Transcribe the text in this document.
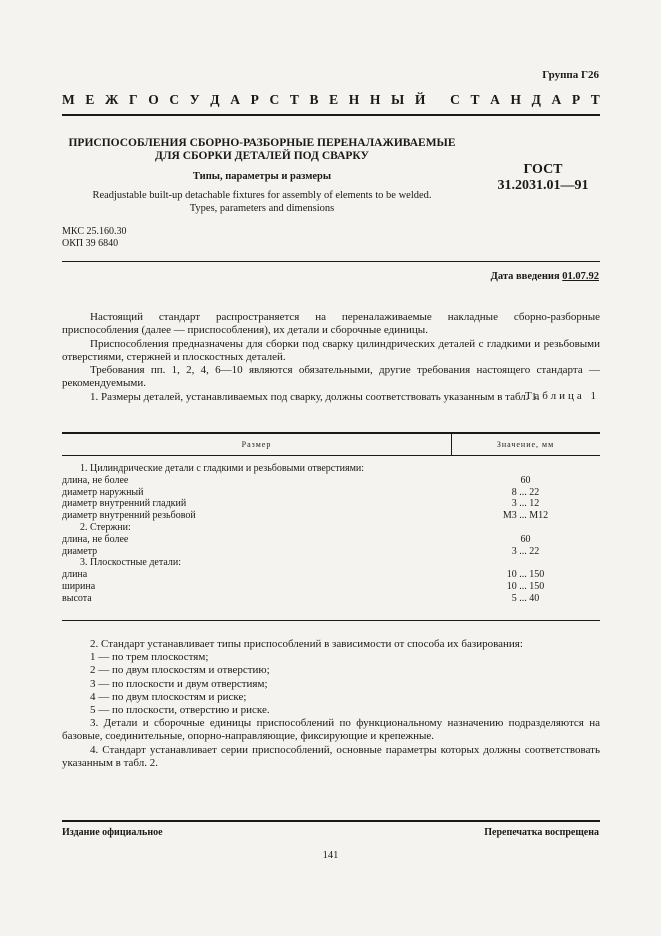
Группа Г26
М Е Ж Г О С У Д А Р С Т В Е Н Н Ы Й
С Т А Н Д А Р Т
ПРИСПОСОБЛЕНИЯ СБОРНО-РАЗБОРНЫЕ ПЕРЕНАЛАЖИВАЕМЫЕ
ДЛЯ СБОРКИ ДЕТАЛЕЙ ПОД СВАРКУ
Типы, параметры и размеры
Readjustable built-up detachable fixtures for assembly of elements to be welded.
Types, parameters and dimensions
ГОСТ
31.2031.01—91
МКС 25.160.30
ОКП 39 6840
Дата введения 01.07.92

Настоящий стандарт распространяется на переналаживаемые накладные сборно-разборные приспособления (далее — приспособления), их детали и сборочные единицы.

Приспособления предназначены для сборки под сварку цилиндрических деталей с гладкими и резьбовыми отверстиями, стержней и плоскостных деталей.

Требования пп. 1, 2, 4, 6—10 являются обязательными, другие требования настоящего стандарта — рекомендуемыми.

1. Размеры деталей, устанавливаемых под сварку, должны соответствовать указанным в табл. 1.

Таблица 1
Размер	Значение, мм
1. Цилиндрические детали с гладкими и резьбовыми отверстиями:
длина, не более	60
диаметр наружный	8 ... 22
диаметр внутренний гладкий	3 ... 12
диаметр внутренний резьбовой	М3 ... М12
2. Стержни:
длина, не более	60
диаметр	3 ... 22
3. Плоскостные детали:
длина	10 ... 150
ширина	10 ... 150
высота	5 ... 40

2. Стандарт устанавливает типы приспособлений в зависимости от способа их базирования:

1 — по трем плоскостям;

2 — по двум плоскостям и отверстию;

3 — по плоскости и двум отверстиям;

4 — по двум плоскостям и риске;

5 — по плоскости, отверстию и риске.

3. Детали и сборочные единицы приспособлений по функциональному назначению подразделяются на базовые, соединительные, опорно-направляющие, фиксирующие и крепежные.

4. Стандарт устанавливает серии приспособлений, основные параметры которых должны соответствовать указанным в табл. 2.

Издание официальное	Перепечатка воспрещена
141
